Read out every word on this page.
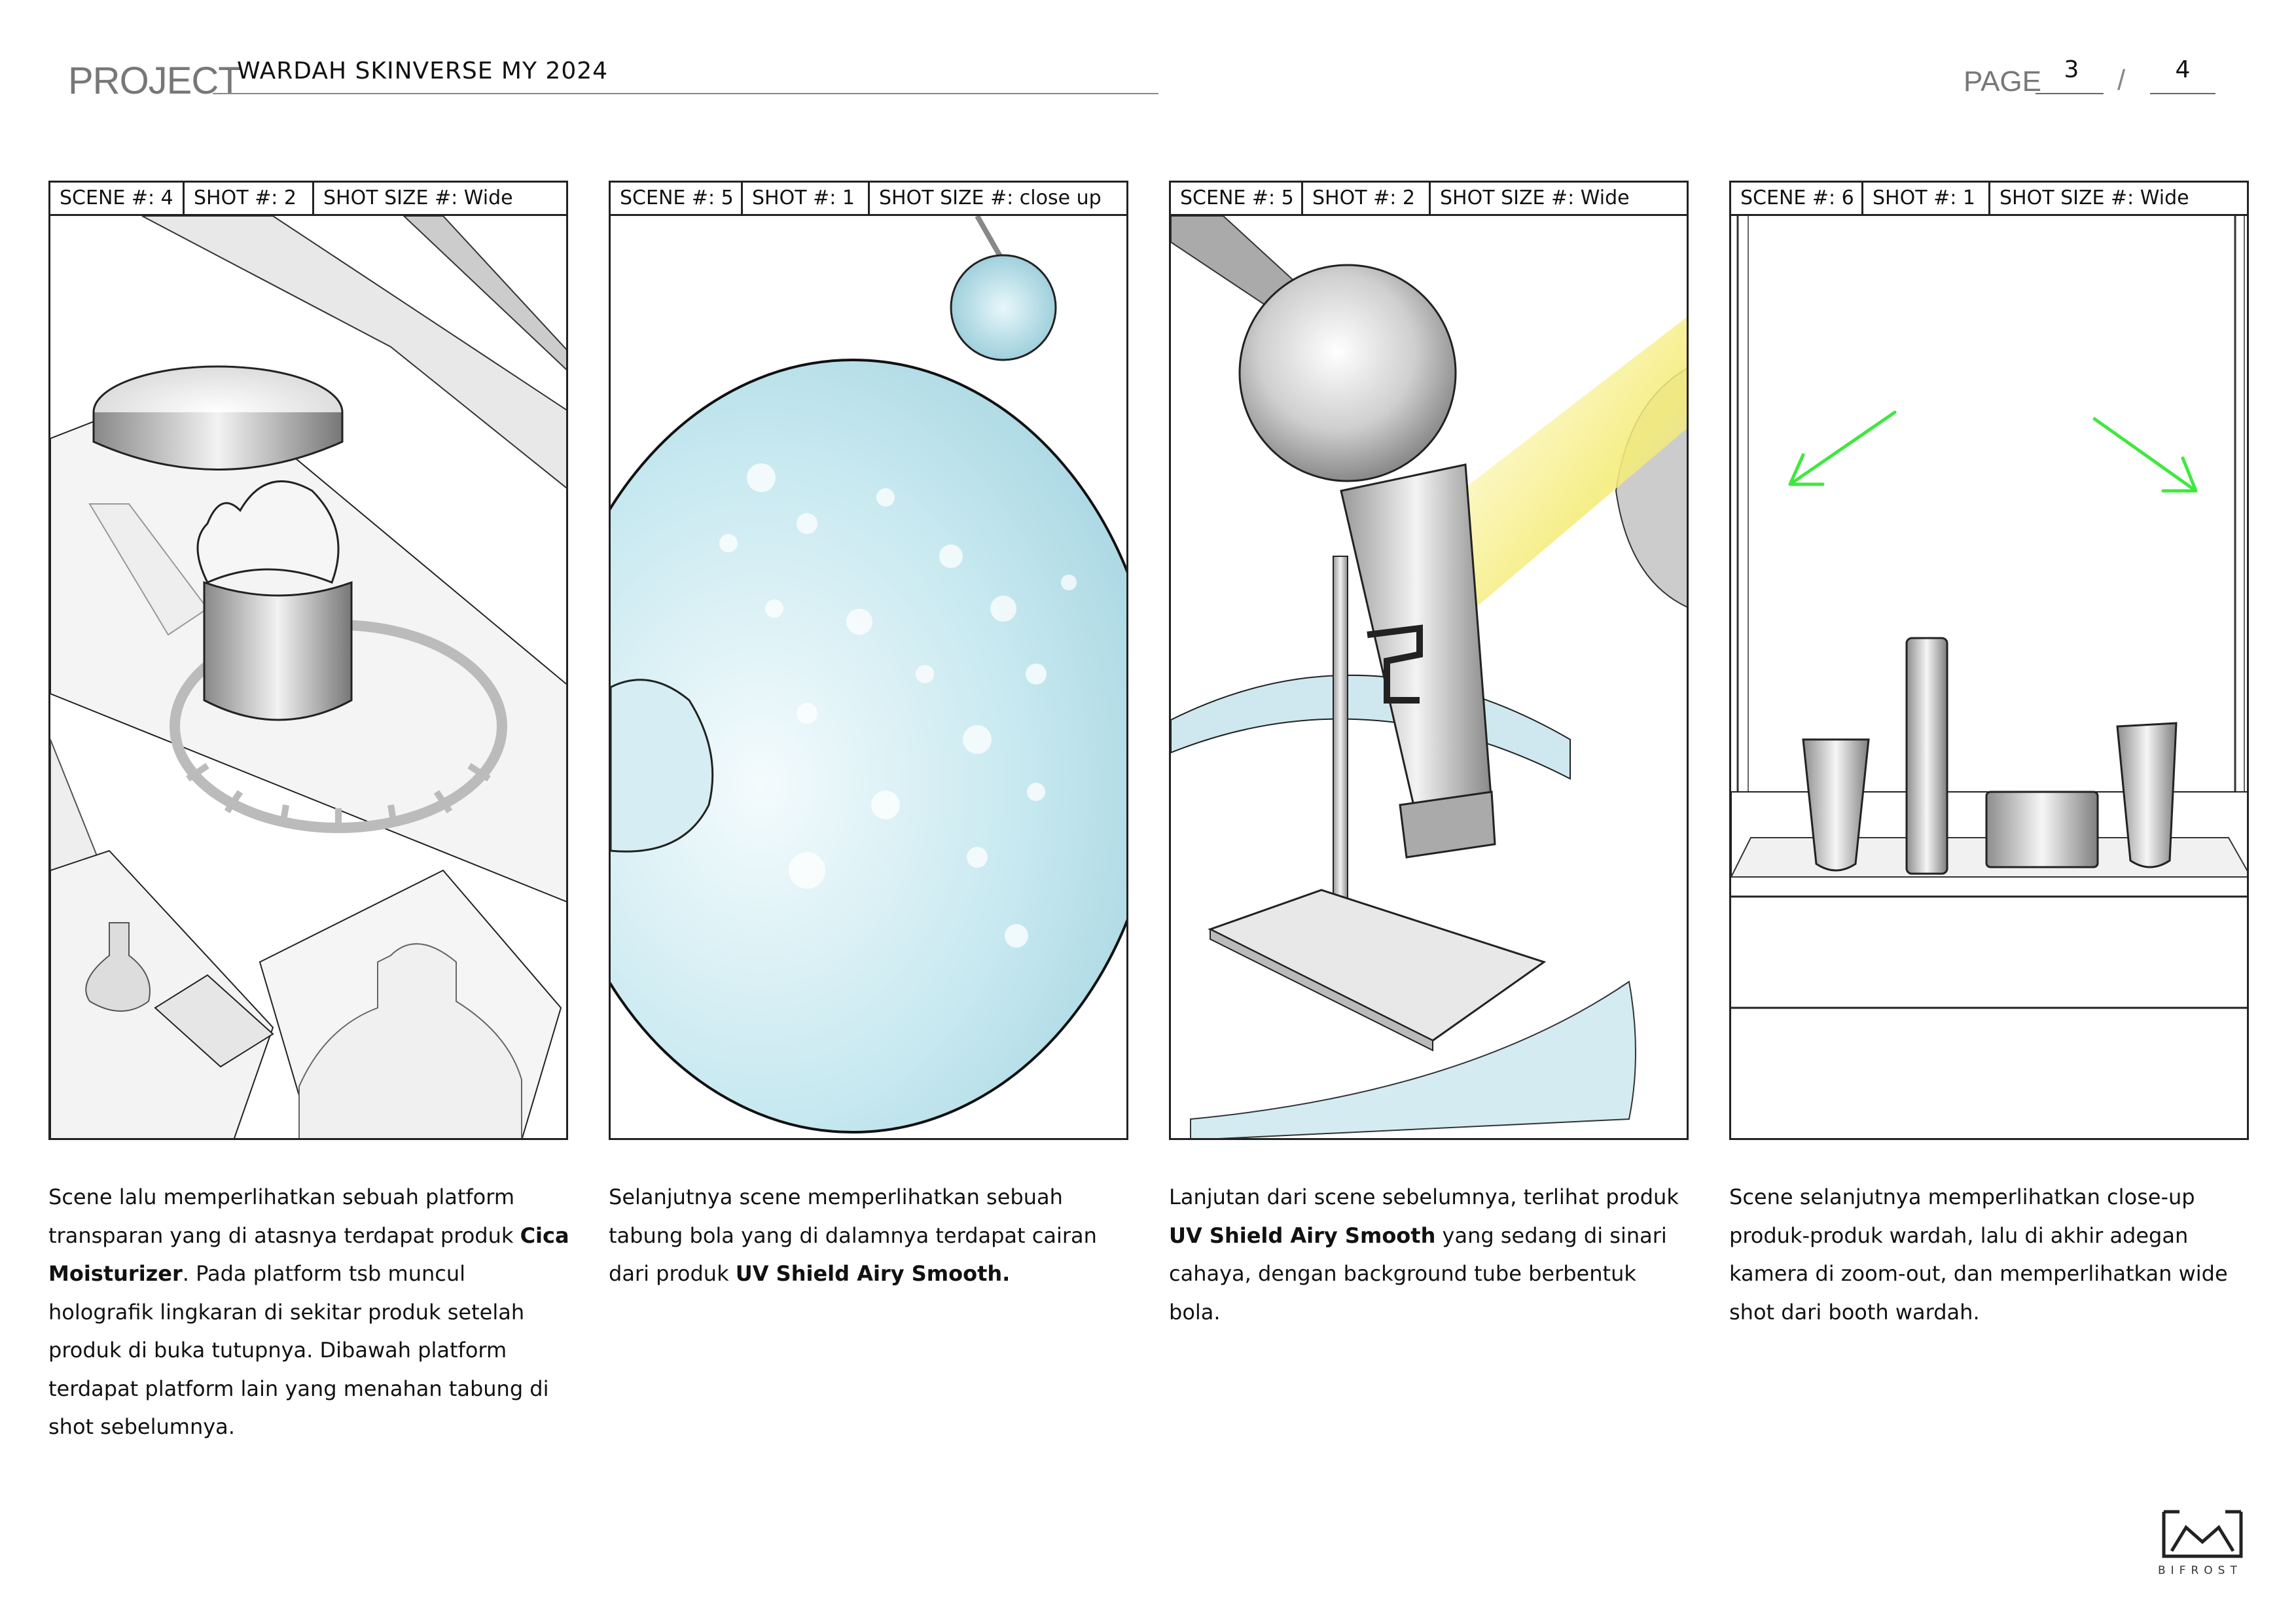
PROJECT
WARDAH SKINVERSE MY 2024	PAGE 3	/	4
SCENE #: 4	SHOT #: 2	SHOT SIZE #: Wide	SCENE #: 5 SHOT #: 1	SHOT SIZE #: close up	SCENE #: 5 SHOT #: 2	SHOT SIZE #: Wide	SCENE #: 6 SHOT #: 1	SHOT SIZE #: Wide
Scene lalu memperlihatkan sebuah platform transparan yang di atasnya terdapat produk Cica Moisturizer. Pada platform tsb muncul holografik lingkaran di sekitar produk setelah produk di buka tutupnya. Dibawah platform terdapat platform lain yang menahan tabung di shot sebelumnya.
Selanjutnya scene memperlihatkan sebuah tabung bola yang di dalamnya terdapat cairan dari produk UV Shield Airy Smooth.
Lanjutan dari scene sebelumnya, terlihat produk UV Shield Airy Smooth yang sedang di sinari cahaya, dengan background tube berbentuk bola.
Scene selanjutnya memperlihatkan close-up produk-produk wardah, lalu di akhir adegan kamera di zoom-out, dan memperlihatkan wide shot dari booth wardah.
BIFROST
